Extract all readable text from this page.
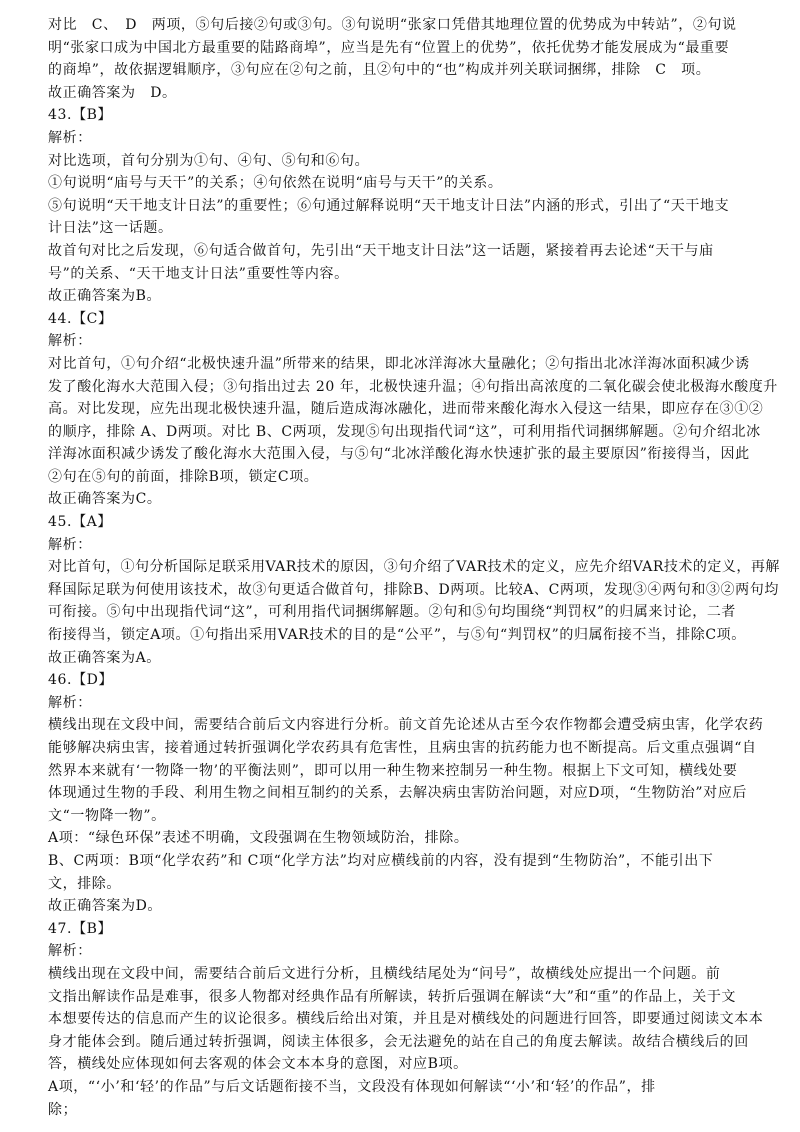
对比　C、　D　两项，⑤句后接②句或③句。③句说明“张家口凭借其地理位置的优势成为中转站”，②句说
明“张家口成为中国北方最重要的陆路商埠”，应当是先有“位置上的优势”，依托优势才能发展成为“最重要
的商埠”，故依据逻辑顺序，③句应在②句之前，且②句中的“也”构成并列关联词捆绑，排除　C　项。
故正确答案为　D。
43.【B】
解析：
对比选项，首句分别为①句、④句、⑤句和⑥句。
①句说明“庙号与天干”的关系；④句依然在说明“庙号与天干”的关系。
⑤句说明“天干地支计日法”的重要性；⑥句通过解释说明“天干地支计日法”内涵的形式，引出了“天干地支
计日法”这一话题。
故首句对比之后发现，⑥句适合做首句，先引出“天干地支计日法”这一话题，紧接着再去论述“天干与庙
号”的关系、“天干地支计日法”重要性等内容。
故正确答案为B。
44.【C】
解析：
对比首句，①句介绍“北极快速升温”所带来的结果，即北冰洋海冰大量融化；②句指出北冰洋海冰面积减少诱
发了酸化海水大范围入侵；③句指出过去 20 年，北极快速升温；④句指出高浓度的二氧化碳会使北极海水酸度升
高。对比发现，应先出现北极快速升温，随后造成海冰融化，进而带来酸化海水入侵这一结果，即应存在③①②
的顺序，排除 A、D两项。对比 B、C两项，发现⑤句出现指代词“这”，可利用指代词捆绑解题。②句介绍北冰
洋海冰面积减少诱发了酸化海水大范围入侵，与⑤句“北冰洋酸化海水快速扩张的最主要原因”衔接得当，因此
②句在⑤句的前面，排除B项，锁定C项。
故正确答案为C。
45.【A】
解析：
对比首句，①句分析国际足联采用VAR技术的原因，③句介绍了VAR技术的定义，应先介绍VAR技术的定义，再解
释国际足联为何使用该技术，故③句更适合做首句，排除B、D两项。比较A、C两项，发现③④两句和③②两句均
可衔接。⑤句中出现指代词“这”，可利用指代词捆绑解题。②句和⑤句均围绕“判罚权”的归属来讨论，二者
衔接得当，锁定A项。①句指出采用VAR技术的目的是“公平”，与⑤句“判罚权”的归属衔接不当，排除C项。
故正确答案为A。
46.【D】
解析：
横线出现在文段中间，需要结合前后文内容进行分析。前文首先论述从古至今农作物都会遭受病虫害，化学农药
能够解决病虫害，接着通过转折强调化学农药具有危害性，且病虫害的抗药能力也不断提高。后文重点强调“自
然界本来就有‘一物降一物’的平衡法则”，即可以用一种生物来控制另一种生物。根据上下文可知，横线处要
体现通过生物的手段、利用生物之间相互制约的关系，去解决病虫害防治问题，对应D项，“生物防治”对应后
文“一物降一物”。
A项：“绿色环保”表述不明确，文段强调在生物领域防治，排除。
B、C两项：B项“化学农药”和 C项“化学方法”均对应横线前的内容，没有提到“生物防治”，不能引出下
文，排除。
故正确答案为D。
47.【B】
解析：
横线出现在文段中间，需要结合前后文进行分析，且横线结尾处为“问号”，故横线处应提出一个问题。前
文指出解读作品是难事，很多人物都对经典作品有所解读，转折后强调在解读“大”和“重”的作品上，关于文
本想要传达的信息而产生的议论很多。横线后给出对策，并且是对横线处的问题进行回答，即要通过阅读文本本
身才能体会到。随后通过转折强调，阅读主体很多，会无法避免的站在自己的角度去解读。故结合横线后的回
答，横线处应体现如何去客观的体会文本本身的意图，对应B项。
A项，“‘小’和‘轻’的作品”与后文话题衔接不当，文段没有体现如何解读“‘小’和‘轻’的作品”，排
除；
